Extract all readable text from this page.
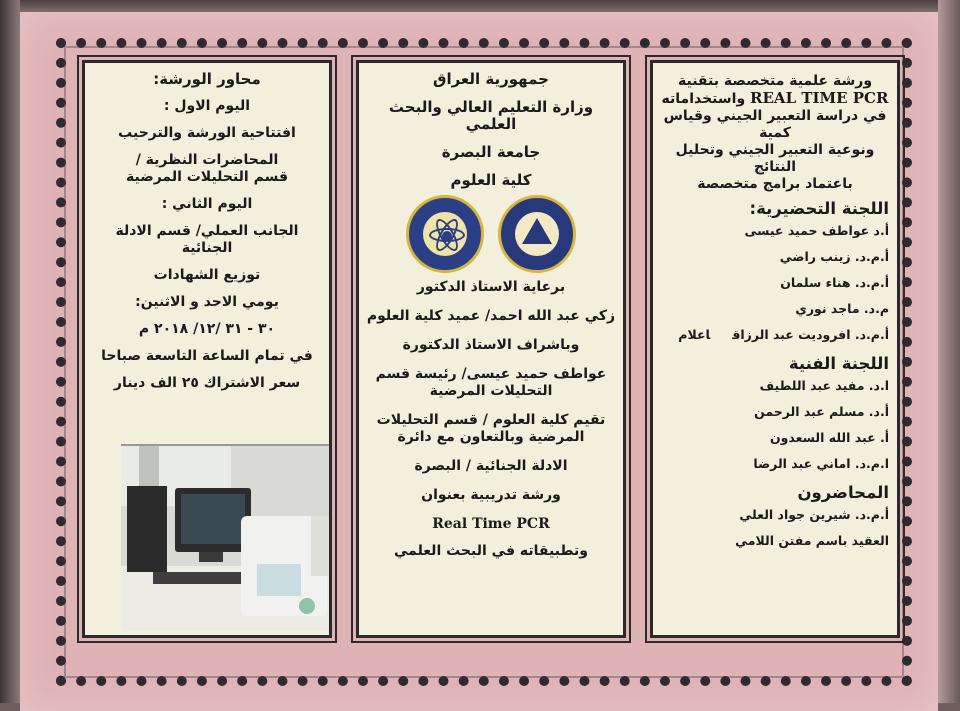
محاور الورشة:
اليوم الاول :
افتتاحية الورشة والترحيب
المحاضرات النظرية /
قسم التحليلات المرضية
اليوم الثاني :
الجانب العملي/ قسم الادلة الجنائية
توزيع الشهادات
يومي الاحد و الاثنين:
٣٠ - ٣١ /١٢/ ٢٠١٨ م
في تمام الساعة التاسعة صباحا
سعر الاشتراك ٢٥ الف دينار
جمهورية العراق
وزارة التعليم العالي والبحث العلمي
جامعة البصرة
كلية العلوم
برعاية الاستاذ الدكتور
زكي عبد الله احمد/ عميد كلية العلوم
وباشراف الاستاذ الدكتورة
عواطف حميد عيسى/ رئيسة قسم
التحليلات المرضية
تقيم كلية العلوم / قسم التحليلات
المرضية وبالتعاون مع دائرة
الادلة الجنائية / البصرة
ورشة تدريبية بعنوان
Real Time PCR
وتطبيقاته في البحث العلمي
ورشة علمية متخصصة بتقنية
REAL TIME PCR واستخداماته
في دراسة التعبير الجيني وقياس كمية
ونوعية التعبير الجيني وتحليل النتائج
باعتماد برامج متخصصة
اللجنة التحضيرية:
أ.د عواطف حميد عيسى
أ.م.د. زينب راضي
أ.م.د. هناء سلمان
م.د. ماجد نوري
أ.م.د. افروديت عبد الرزاقاعلام
اللجنة الفنية
ا.د. مفيد عبد اللطيف
أ.د. مسلم عبد الرحمن
أ. عبد الله السعدون
ا.م.د. اماني عبد الرضا
المحاضرون
أ.م.د. شيرين جواد العلي
العقيد باسم مفتن اللامي
